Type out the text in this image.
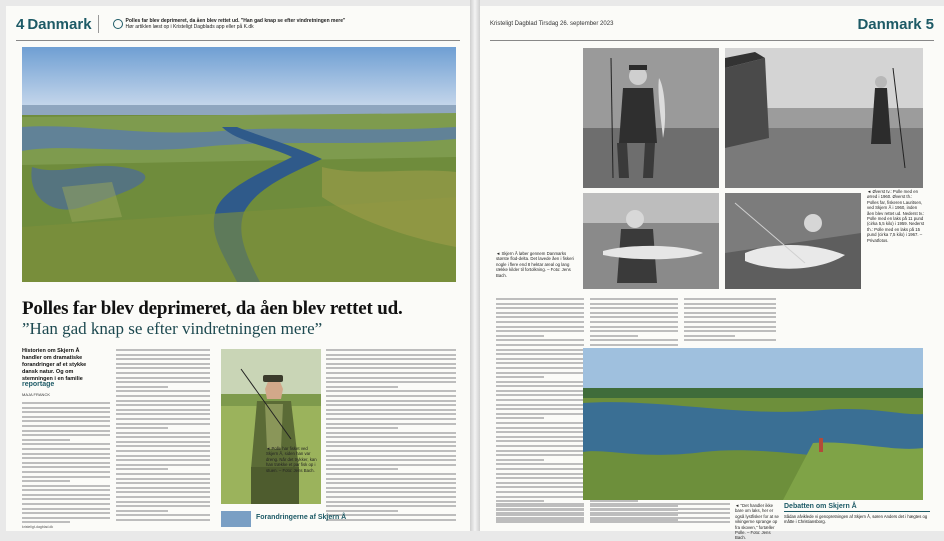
4 Danmark	Polles far blev deprimeret, da åen blev rettet ud. "Han gad knap se efter vindretningen mere"
Hør artiklen læst op i Kristeligt Dagblads app eller på K.dk
Polles far blev deprimeret, da åen blev rettet ud.
”Han gad knap se efter vindretningen mere”
Historien om Skjern Å handler om dramatiske forandringer af et stykke dansk natur. Og om stemningen i en familie
reportage
MAJA FRANCK
◄ Polle har fisket ved Skjern Å, siden han var dreng. Når det trykker, kan han trække et par fisk op i stuen. – Foto: Jens Bach.
Forandringerne af Skjern Å
kristeligt-dagblad.dk
Kristeligt Dagblad Tirsdag 26. september 2023	Danmark 5
◄ Øverst tv.: Polle med en ørred i 1960. Øverst th.: Polles far, fiskeren Lauritsen, ved Skjern Å i 1960, inden åen blev rettet ud. Nederst tv.: Polle med en laks på 11 pund (cirka 5,5 kilo) i 1959. Nederst th.: Polle med en laks på 15 pund (cirka 7,5 kilo) i 1967. – Privatfotos.
◄ Skjern Å løber gennem Danmarks største flod-delta. Det lavede åen i fiskeri nogle i flere end 8 hektar areal og lang række kilder til fortolkning. – Foto: Jens Bach.
◄ "Det handler ikke bare om laks, her er også lystfisker for at se vikingerne sprange op fra skoven," fortæller Polle. – Foto: Jens Bach.
Debatten om Skjern Å
Sådan afviklede vi genopretningen af Skjern Å, søren Anders det i hægtes og måtte i Christiansborg.
